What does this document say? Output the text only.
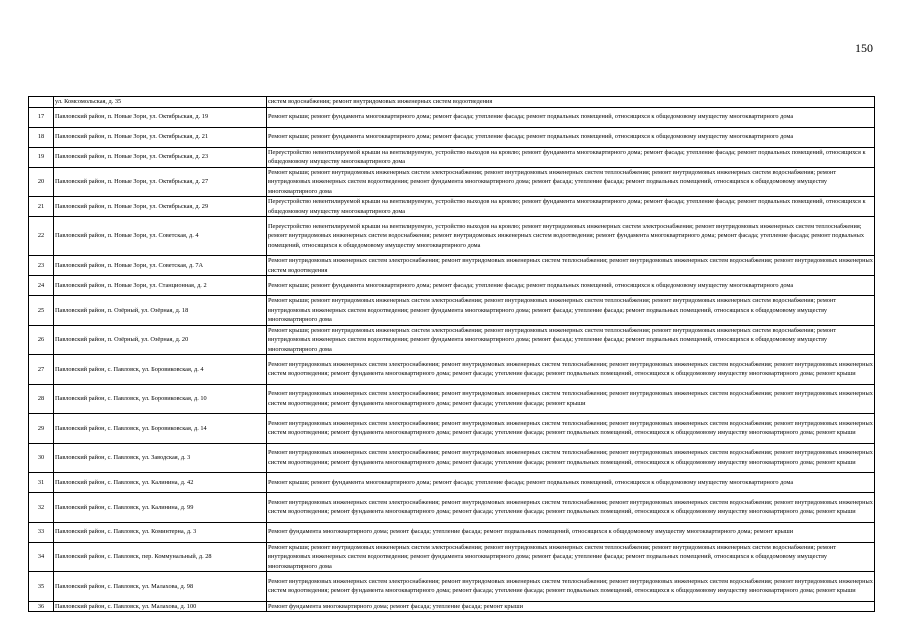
150
	ул. Комсомольская, д. 35	систем водоснабжения; ремонт внутридомовых инженерных систем водоотведения
17	Павловский район, п. Новые Зори, ул. Октябрьская, д. 19	Ремонт крыши; ремонт фундамента многоквартирного дома; ремонт фасада; утепление фасада; ремонт подвальных помещений, относящихся к общедомовому имуществу многоквартирного дома
18	Павловский район, п. Новые Зори, ул. Октябрьская, д. 21	Ремонт крыши; ремонт фундамента многоквартирного дома; ремонт фасада; утепление фасада; ремонт подвальных помещений, относящихся к общедомовому имуществу многоквартирного дома
19	Павловский район, п. Новые Зори, ул. Октябрьская, д. 23	Переустройство невентилируемой крыши на вентилируемую, устройство выходов на кровлю; ремонт фундамента многоквартирного дома; ремонт фасада; утепление фасада; ремонт подвальных помещений, относящихся к общедомовому имуществу многоквартирного дома
20	Павловский район, п. Новые Зори, ул. Октябрьская, д. 27	Ремонт крыши; ремонт внутридомовых инженерных систем электроснабжения; ремонт внутридомовых инженерных систем теплоснабжения; ремонт внутридомовых инженерных систем водоснабжения; ремонт внутридомовых инженерных систем водоотведения; ремонт фундамента многоквартирного дома; ремонт фасада; утепление фасада; ремонт подвальных помещений, относящихся к общедомовому имуществу многоквартирного дома
21	Павловский район, п. Новые Зори, ул. Октябрьская, д. 29	Переустройство невентилируемой крыши на вентилируемую, устройство выходов на кровлю; ремонт фундамента многоквартирного дома; ремонт фасада; утепление фасада; ремонт подвальных помещений, относящихся к общедомовому имуществу многоквартирного дома
22	Павловский район, п. Новые Зори, ул. Советская, д. 4	Переустройство невентилируемой крыши на вентилируемую, устройство выходов на кровлю; ремонт внутридомовых инженерных систем электроснабжения; ремонт внутридомовых инженерных систем теплоснабжения; ремонт внутридомовых инженерных систем водоснабжения; ремонт внутридомовых инженерных систем водоотведения; ремонт фундамента многоквартирного дома; ремонт фасада; утепление фасада; ремонт подвальных помещений, относящихся к общедомовому имуществу многоквартирного дома
23	Павловский район, п. Новые Зори, ул. Советская, д. 7А	Ремонт внутридомовых инженерных систем электроснабжения; ремонт внутридомовых инженерных систем теплоснабжения; ремонт внутридомовых инженерных систем водоснабжения; ремонт внутридомовых инженерных систем водоотведения
24	Павловский район, п. Новые Зори, ул. Станционная, д. 2	Ремонт крыши; ремонт фундамента многоквартирного дома; ремонт фасада; утепление фасада; ремонт подвальных помещений, относящихся к общедомовому имуществу многоквартирного дома
25	Павловский район, п. Озёрный, ул. Озёрная, д. 18	Ремонт крыши; ремонт внутридомовых инженерных систем электроснабжения; ремонт внутридомовых инженерных систем теплоснабжения; ремонт внутридомовых инженерных систем водоснабжения; ремонт внутридомовых инженерных систем водоотведения; ремонт фундамента многоквартирного дома; ремонт фасада; утепление фасада; ремонт подвальных помещений, относящихся к общедомовому имуществу многоквартирного дома
26	Павловский район, п. Озёрный, ул. Озёрная, д. 20	Ремонт крыши; ремонт внутридомовых инженерных систем электроснабжения; ремонт внутридомовых инженерных систем теплоснабжения; ремонт внутридомовых инженерных систем водоснабжения; ремонт внутридомовых инженерных систем водоотведения; ремонт фундамента многоквартирного дома; ремонт фасада; утепление фасада; ремонт подвальных помещений, относящихся к общедомовому имуществу многоквартирного дома
27	Павловский район, с. Павловск, ул. Боровиковская, д. 4	Ремонт внутридомовых инженерных систем электроснабжения; ремонт внутридомовых инженерных систем теплоснабжения; ремонт внутридомовых инженерных систем водоснабжения; ремонт внутридомовых инженерных систем водоотведения; ремонт фундамента многоквартирного дома; ремонт фасада; утепление фасада; ремонт подвальных помещений, относящихся к общедомовому имуществу многоквартирного дома; ремонт крыши
28	Павловский район, с. Павловск, ул. Боровиковская, д. 10	Ремонт внутридомовых инженерных систем электроснабжения; ремонт внутридомовых инженерных систем теплоснабжения; ремонт внутридомовых инженерных систем водоснабжения; ремонт внутридомовых инженерных систем водоотведения; ремонт фундамента многоквартирного дома; ремонт фасада; утепление фасада; ремонт крыши
29	Павловский район, с. Павловск, ул. Боровиковская, д. 14	Ремонт внутридомовых инженерных систем электроснабжения; ремонт внутридомовых инженерных систем теплоснабжения; ремонт внутридомовых инженерных систем водоснабжения; ремонт внутридомовых инженерных систем водоотведения; ремонт фундамента многоквартирного дома; ремонт фасада; утепление фасада; ремонт подвальных помещений, относящихся к общедомовому имуществу многоквартирного дома; ремонт крыши
30	Павловский район, с. Павловск, ул. Заводская, д. 3	Ремонт внутридомовых инженерных систем электроснабжения; ремонт внутридомовых инженерных систем теплоснабжения; ремонт внутридомовых инженерных систем водоснабжения; ремонт внутридомовых инженерных систем водоотведения; ремонт фундамента многоквартирного дома; ремонт фасада; утепление фасада; ремонт подвальных помещений, относящихся к общедомовому имуществу многоквартирного дома; ремонт крыши
31	Павловский район, с. Павловск, ул. Калинина, д. 42	Ремонт крыши; ремонт фундамента многоквартирного дома; ремонт фасада; утепление фасада; ремонт подвальных помещений, относящихся к общедомовому имуществу многоквартирного дома
32	Павловский район, с. Павловск, ул. Калинина, д. 99	Ремонт внутридомовых инженерных систем электроснабжения; ремонт внутридомовых инженерных систем теплоснабжения; ремонт внутридомовых инженерных систем водоснабжения; ремонт внутридомовых инженерных систем водоотведения; ремонт фундамента многоквартирного дома; ремонт фасада; утепление фасада; ремонт подвальных помещений, относящихся к общедомовому имуществу многоквартирного дома; ремонт крыши
33	Павловский район, с. Павловск, ул. Коминтерна, д. 3	Ремонт фундамента многоквартирного дома; ремонт фасада; утепление фасада; ремонт подвальных помещений, относящихся к общедомовому имуществу многоквартирного дома; ремонт крыши
34	Павловский район, с. Павловск, пер. Коммунальный, д. 28	Ремонт крыши; ремонт внутридомовых инженерных систем электроснабжения; ремонт внутридомовых инженерных систем теплоснабжения; ремонт внутридомовых инженерных систем водоснабжения; ремонт внутридомовых инженерных систем водоотведения; ремонт фундамента многоквартирного дома; ремонт фасада; утепление фасада; ремонт подвальных помещений, относящихся к общедомовому имуществу многоквартирного дома
35	Павловский район, с. Павловск, ул. Малахова, д. 98	Ремонт внутридомовых инженерных систем электроснабжения; ремонт внутридомовых инженерных систем теплоснабжения; ремонт внутридомовых инженерных систем водоснабжения; ремонт внутридомовых инженерных систем водоотведения; ремонт фундамента многоквартирного дома; ремонт фасада; утепление фасада; ремонт подвальных помещений, относящихся к общедомовому имуществу многоквартирного дома; ремонт крыши
36	Павловский район, с. Павловск, ул. Малахова, д. 100	Ремонт фундамента многоквартирного дома; ремонт фасада; утепление фасада; ремонт крыши
